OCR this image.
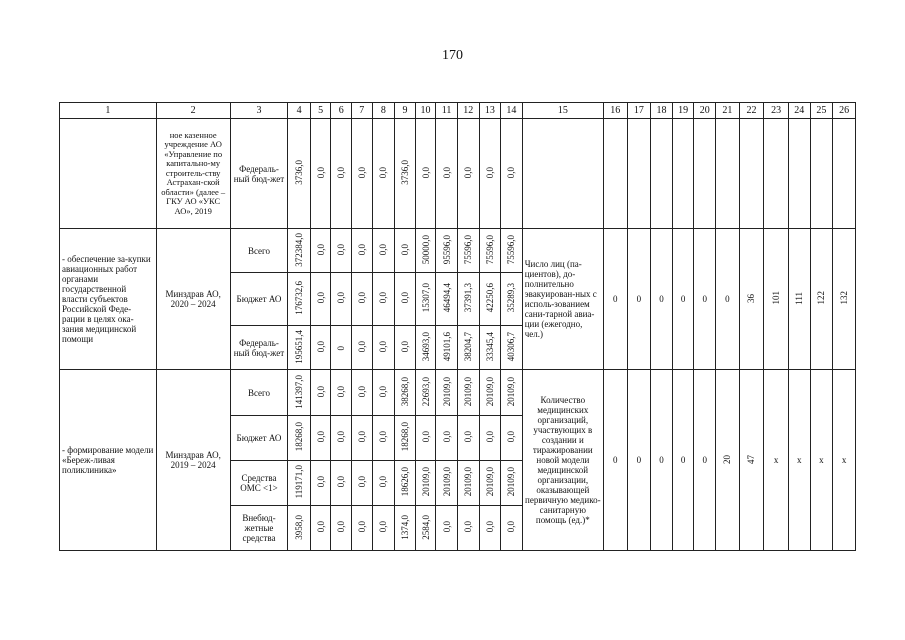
170
1	2	3	4	5	6	7	8	9	10	11	12	13	14	15	16	17	18	19	20	21	22	23	24	25	26
	ное казенное учреждение АО «Управление по капитально-му строитель-ству Астрахан-ской области» (далее – ГКУ АО «УКС АО», 2019	Федераль-ный бюд-жет	3736,0	0,0	0,0	0,0	0,0	3736,0	0,0	0,0	0,0	0,0	0,0												
- обеспечение за-купки авиационных работ органами государственной власти субъектов Российской Феде-рации в целях ока-зания медицинской помощи	Минздрав АО, 2020 – 2024	Всего	372384,0	0,0	0,0	0,0	0,0	0,0	50000,0	95596,0	75596,0	75596,0	75596,0	Число лиц (па-циентов), до-полнительно эвакуирован-ных с исполь-зованием сани-тарной авиа-ции (ежегодно, чел.)	0	0	0	0	0	0	36	101	111	122	132
		Бюджет АО	176732,6	0,0	0,0	0,0	0,0	0,0	15307,0	46494,4	37391,3	42250,6	35289,3												
		Федераль-ный бюд-жет	195651,4	0,0	0	0,0	0,0	0,0	34693,0	49101,6	38204,7	33345,4	40306,7												
- формирование модели «Береж-ливая поликлиника»	Минздрав АО, 2019 – 2024	Всего	141397,0	0,0	0,0	0,0	0,0	38268,0	22693,0	20109,0	20109,0	20109,0	20109,0	Количество медицинских организаций, участвующих в создании и тиражировании новой модели медицинской организации, оказывающей первичную медико-санитарную помощь (ед.)*	0	0	0	0	0	20	47	x	x	x	x
		Бюджет АО	18268,0	0,0	0,0	0,0	0,0	18268,0	0,0	0,0	0,0	0,0	0,0												
		Средства ОМС <1>	119171,0	0,0	0,0	0,0	0,0	18626,0	20109,0	20109,0	20109,0	20109,0	20109,0												
		Внебюд-жетные средства	3958,0	0,0	0,0	0,0	0,0	1374,0	2584,0	0,0	0,0	0,0	0,0												
